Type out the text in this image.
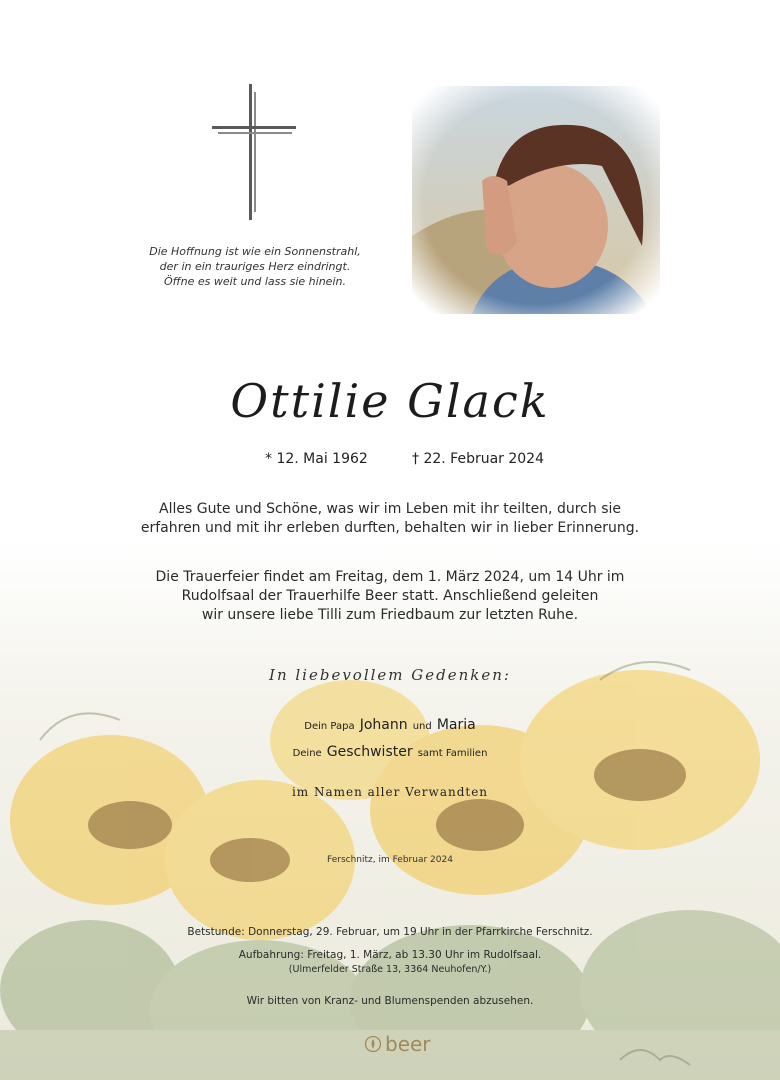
Die Hoffnung ist wie ein Sonnenstrahl,
der in ein trauriges Herz eindringt.
Öffne es weit und lass sie hinein.
Ottilie Glack
* 12. Mai 1962	† 22. Februar 2024
Alles Gute und Schöne, was wir im Leben mit ihr teilten, durch sie
erfahren und mit ihr erleben durften, behalten wir in lieber Erinnerung.
Die Trauerfeier findet am Freitag, dem 1. März 2024, um 14 Uhr im
Rudolfsaal der Trauerhilfe Beer statt. Anschließend geleiten
wir unsere liebe Tilli zum Friedbaum zur letzten Ruhe.
In liebevollem Gedenken:
Dein Papa Johann und Maria
Deine Geschwister samt Familien
im Namen aller Verwandten
Ferschnitz, im Februar 2024
Betstunde: Donnerstag, 29. Februar, um 19 Uhr in der Pfarrkirche Ferschnitz.
Aufbahrung: Freitag, 1. März, ab 13.30 Uhr im Rudolfsaal.
(Ulmerfelder Straße 13, 3364 Neuhofen/Y.)
Wir bitten von Kranz- und Blumenspenden abzusehen.
beer
